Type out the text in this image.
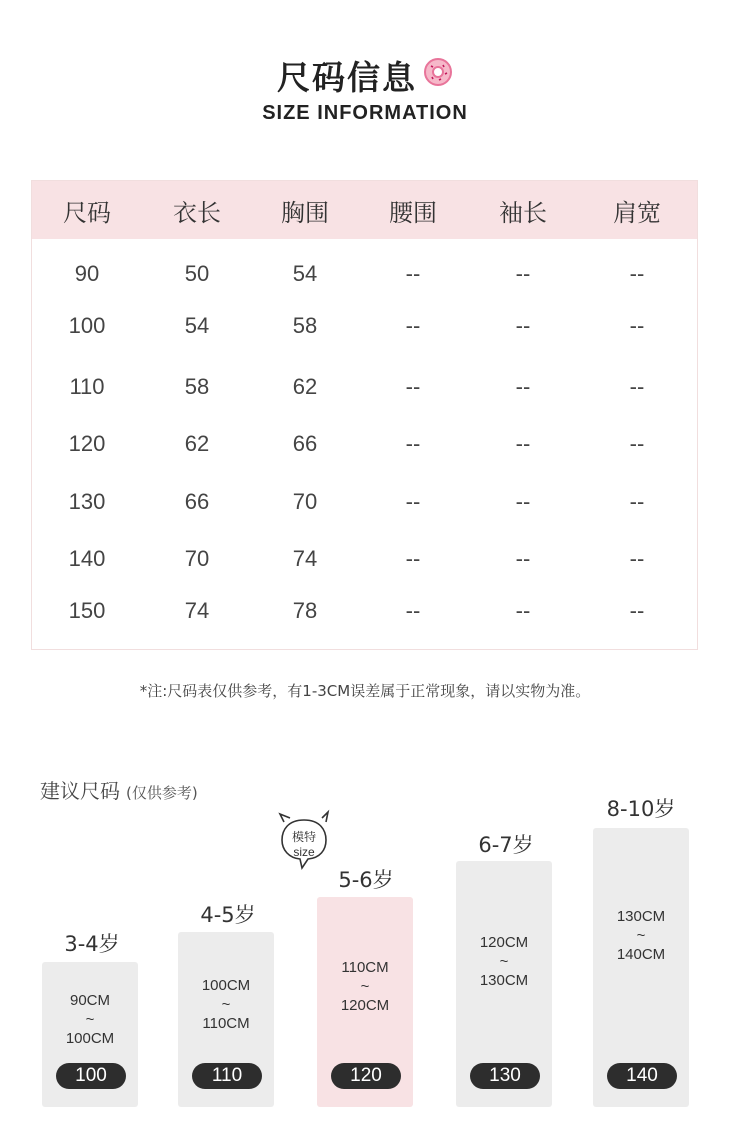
尺码信息
SIZE INFORMATION
尺码	衣长	胸围	腰围	袖长	肩宽
90	50	54	--	--	--
100	54	58	--	--	--
110	58	62	--	--	--
120	62	66	--	--	--
130	66	70	--	--	--
140	70	74	--	--	--
150	74	78	--	--	--
*注:尺码表仅供参考，有1-3CM误差属于正常现象，请以实物为准。
建议尺码 (仅供参考)
模特
size
3-4岁
90CM
~
100CM
100
4-5岁
100CM
~
110CM
110
5-6岁
110CM
~
120CM
120
6-7岁
120CM
~
130CM
130
8-10岁
130CM
~
140CM
140
